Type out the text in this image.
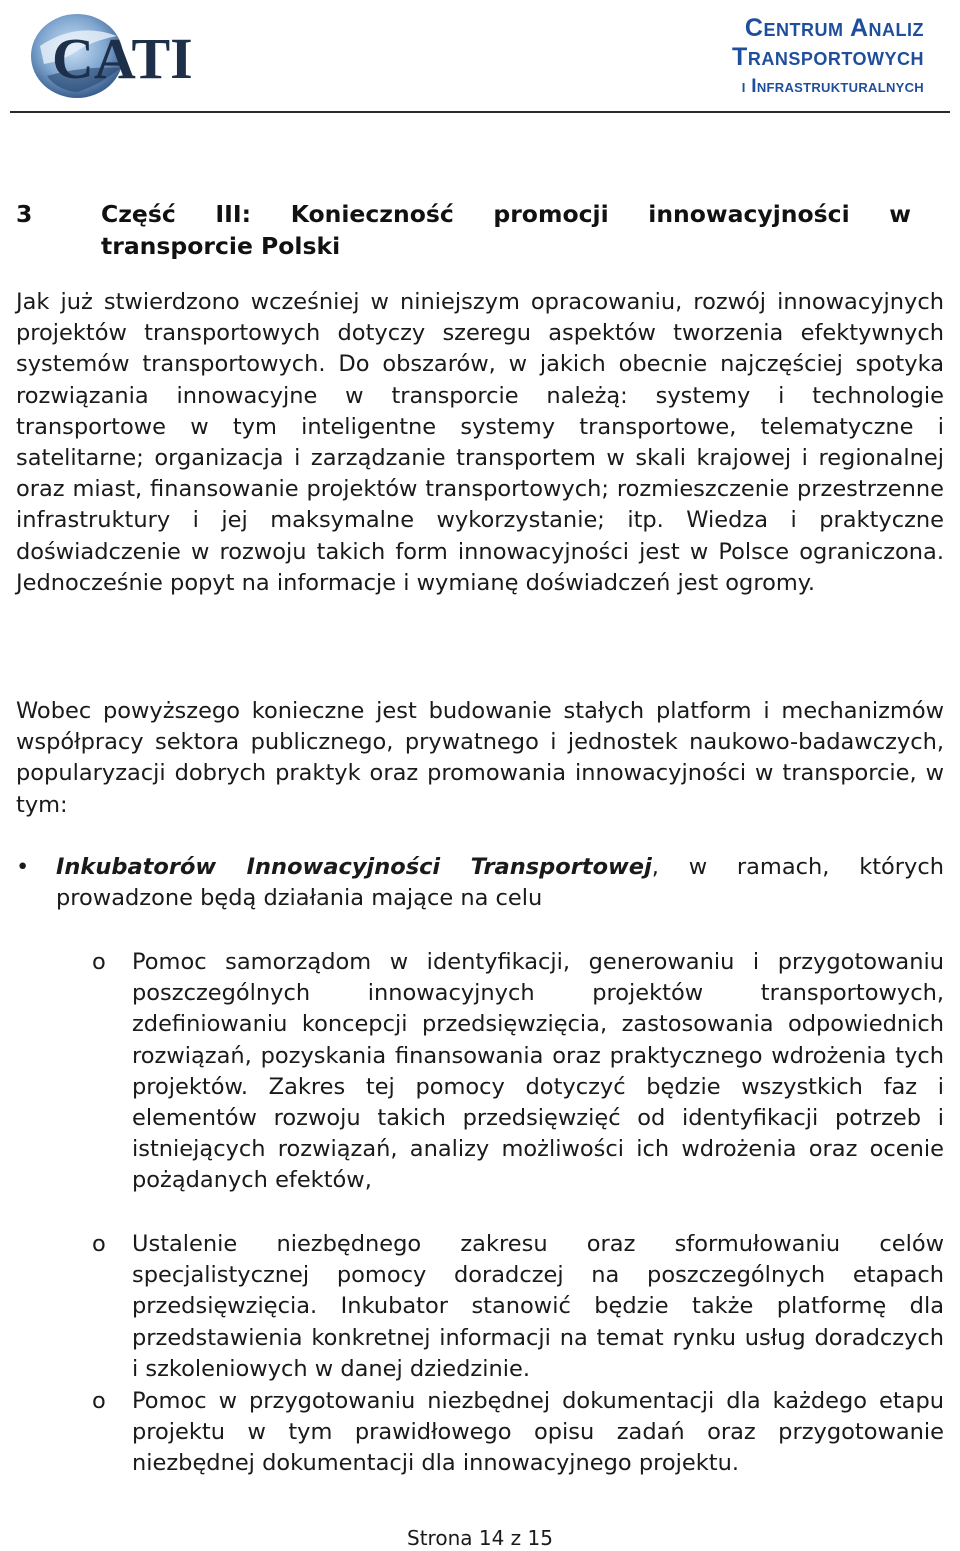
CATI	Centrum Analiz
Transportowych
i Infrastrukturalnych
3	Część III: Konieczność promocji innowacyjności w transporcie Polski

Jak już stwierdzono wcześniej w niniejszym opracowaniu, rozwój innowacyjnych projektów transportowych dotyczy szeregu aspektów tworzenia efektywnych systemów transportowych. Do obszarów, w jakich obecnie najczęściej spotyka rozwiązania innowacyjne w transporcie należą: systemy i technologie transportowe w tym inteligentne systemy transportowe, telematyczne i satelitarne; organizacja i zarządzanie transportem w skali krajowej i regionalnej oraz miast, finansowanie projektów transportowych; rozmieszczenie przestrzenne infrastruktury i jej maksymalne wykorzystanie; itp. Wiedza i praktyczne doświadczenie w rozwoju takich form innowacyjności jest w Polsce ograniczona. Jednocześnie popyt na informacje i wymianę doświadczeń jest ogromy.

Wobec powyższego konieczne jest budowanie stałych platform i mechanizmów współpracy sektora publicznego, prywatnego i jednostek naukowo-badawczych, popularyzacji dobrych praktyk oraz promowania innowacyjności w transporcie, w tym:

• Inkubatorów Innowacyjności Transportowej, w ramach, których prowadzone będą działania mające na celu
o Pomoc samorządom w identyfikacji, generowaniu i przygotowaniu poszczególnych innowacyjnych projektów transportowych, zdefiniowaniu koncepcji przedsięwzięcia, zastosowania odpowiednich rozwiązań, pozyskania finansowania oraz praktycznego wdrożenia tych projektów. Zakres tej pomocy dotyczyć będzie wszystkich faz i elementów rozwoju takich przedsięwzięć od identyfikacji potrzeb i istniejących rozwiązań, analizy możliwości ich wdrożenia oraz ocenie pożądanych efektów,
o Ustalenie niezbędnego zakresu oraz sformułowaniu celów specjalistycznej pomocy doradczej na poszczególnych etapach przedsięwzięcia. Inkubator stanowić będzie także platformę dla przedstawienia konkretnej informacji na temat rynku usług doradczych i szkoleniowych w danej dziedzinie.
o Pomoc w przygotowaniu niezbędnej dokumentacji dla każdego etapu projektu w tym prawidłowego opisu zadań oraz przygotowanie niezbędnej dokumentacji dla innowacyjnego projektu.
Strona 14 z 15
